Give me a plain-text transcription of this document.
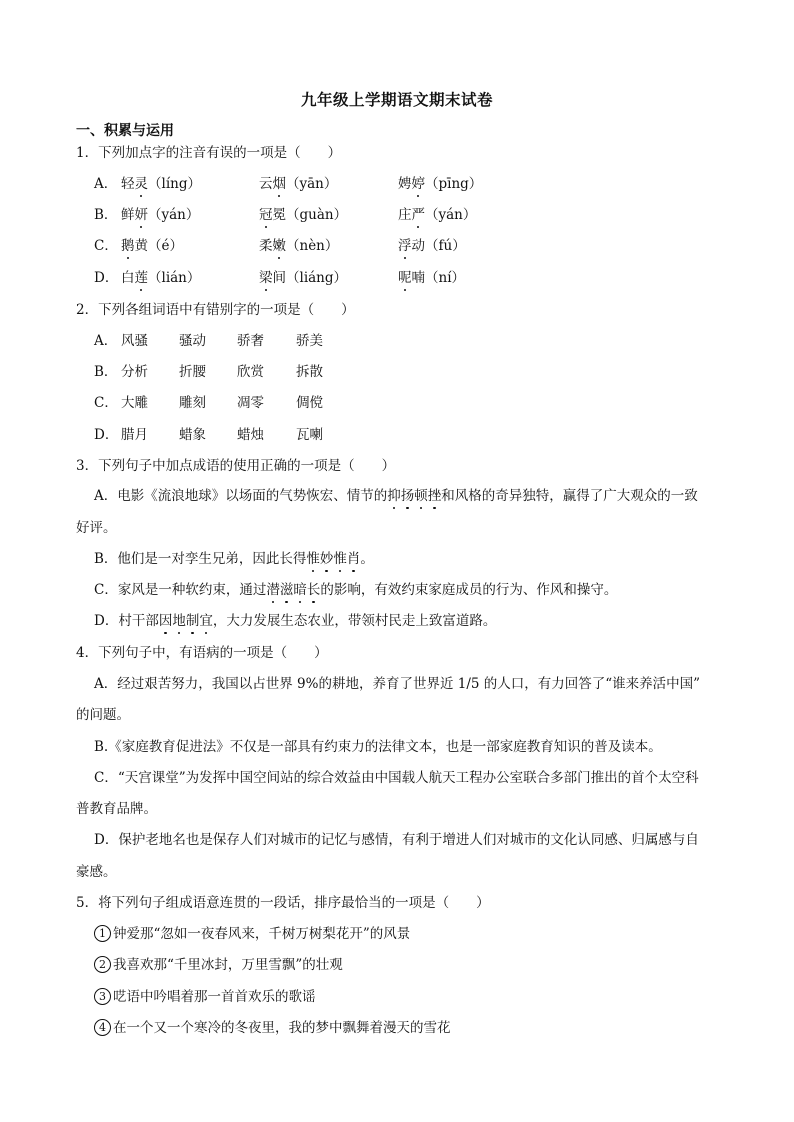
九年级上学期语文期末试卷
一、积累与运用
1．下列加点字的注音有误的一项是（　　）
A． 轻灵（líng）	云烟（yān）	娉婷（pīng）
B． 鲜妍（yán）	冠冕（guàn）	庄严（yán）
C． 鹅黄（é）	柔嫩（nèn）	浮动（fú）
D． 白莲（lián）	梁间（liáng）	呢喃（ní）
2．下列各组词语中有错别字的一项是（　　）
A． 风骚 骚动 骄奢 骄美
B． 分析 折腰 欣赏 拆散
C． 大雕 雕刻 凋零 倜傥
D． 腊月 蜡象 蜡烛 瓦喇
3．下列句子中加点成语的使用正确的一项是（　　）
A．电影《流浪地球》以场面的气势恢宏、情节的抑扬顿挫和风格的奇异独特，赢得了广大观众的一致
好评。
B．他们是一对孪生兄弟，因此长得惟妙惟肖。
C．家风是一种软约束，通过潜滋暗长的影响，有效约束家庭成员的行为、作风和操守。
D．村干部因地制宜，大力发展生态农业，带领村民走上致富道路。
4．下列句子中，有语病的一项是（　　）
A．经过艰苦努力，我国以占世界 9%的耕地，养育了世界近 1/5 的人口，有力回答了“谁来养活中国”
的问题。
B.《家庭教育促进法》不仅是一部具有约束力的法律文本，也是一部家庭教育知识的普及读本。
C．“天宫课堂”为发挥中国空间站的综合效益由中国载人航天工程办公室联合多部门推出的首个太空科
普教育品牌。
D．保护老地名也是保存人们对城市的记忆与感情，有利于增进人们对城市的文化认同感、归属感与自
豪感。
5．将下列句子组成语意连贯的一段话，排序最恰当的一项是（　　）
1 钟爱那“忽如一夜春风来，千树万树梨花开”的风景
2 我喜欢那“千里冰封，万里雪飘”的壮观
3 呓语中吟唱着那一首首欢乐的歌谣
4 在一个又一个寒冷的冬夜里，我的梦中飘舞着漫天的雪花
